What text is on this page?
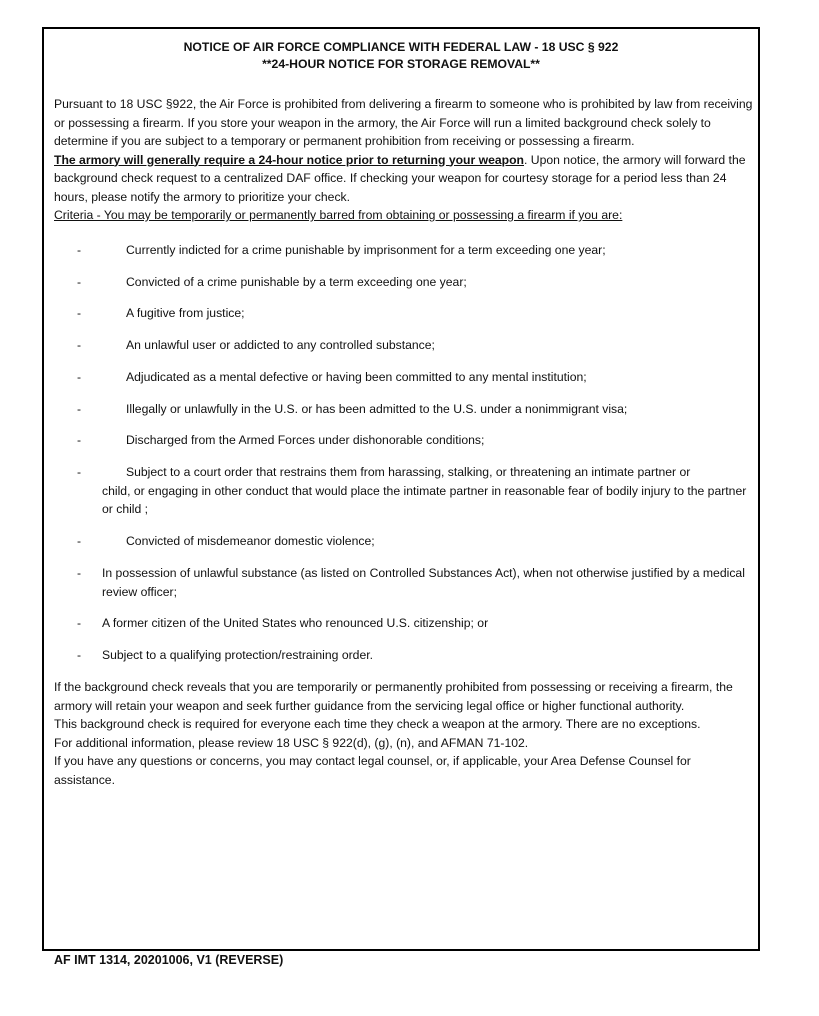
NOTICE OF AIR FORCE COMPLIANCE WITH FEDERAL LAW - 18 USC § 922
**24-HOUR NOTICE FOR STORAGE REMOVAL**

Pursuant to 18 USC §922, the Air Force is prohibited from delivering a firearm to someone who is prohibited by law from receiving or possessing a firearm. If you store your weapon in the armory, the Air Force will run a limited background check solely to determine if you are subject to a temporary or permanent prohibition from receiving or possessing a firearm.

The armory will generally require a 24-hour notice prior to returning your weapon. Upon notice, the armory will forward the background check request to a centralized DAF office. If checking your weapon for courtesy storage for a period less than 24 hours, please notify the armory to prioritize your check.

Criteria - You may be temporarily or permanently barred from obtaining or possessing a firearm if you are:

-	Currently indicted for a crime punishable by imprisonment for a term exceeding one year;
-	Convicted of a crime punishable by a term exceeding one year;
-	A fugitive from justice;
-	An unlawful user or addicted to any controlled substance;
-	Adjudicated as a mental defective or having been committed to any mental institution;
-	Illegally or unlawfully in the U.S. or has been admitted to the U.S. under a nonimmigrant visa;
-	Discharged from the Armed Forces under dishonorable conditions;
-	Subject to a court order that restrains them from harassing, stalking, or threatening an intimate partner or
child, or engaging in other conduct that would place the intimate partner in reasonable fear of bodily injury to the partner or child ;
-	Convicted of misdemeanor domestic violence;
- In possession of unlawful substance (as listed on Controlled Substances Act), when not otherwise justified by a medical review officer;
- A former citizen of the United States who renounced U.S. citizenship; or
- Subject to a qualifying protection/restraining order.

If the background check reveals that you are temporarily or permanently prohibited from possessing or receiving a firearm, the armory will retain your weapon and seek further guidance from the servicing legal office or higher functional authority.

This background check is required for everyone each time they check a weapon at the armory. There are no exceptions.

For additional information, please review 18 USC § 922(d), (g), (n), and AFMAN 71-102.

If you have any questions or concerns, you may contact legal counsel, or, if applicable, your Area Defense Counsel for assistance.

AF IMT 1314, 20201006, V1 (REVERSE)
